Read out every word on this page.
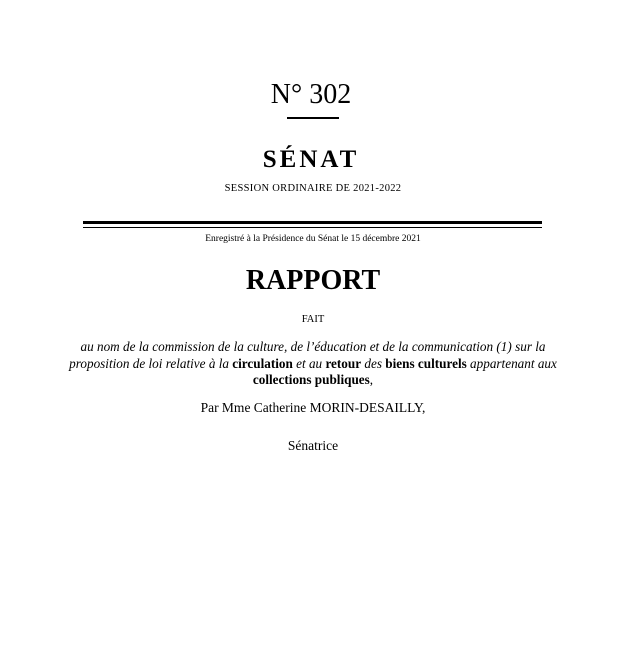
N° 302
SÉNAT
SESSION ORDINAIRE DE 2021-2022
Enregistré à la Présidence du Sénat le 15 décembre 2021
RAPPORT
FAIT
au nom de la commission de la culture, de l’éducation et de la communication (1) sur la proposition de loi relative à la circulation et au retour des biens culturels appartenant aux collections publiques,
Par Mme Catherine MORIN-DESAILLY,
Sénatrice
